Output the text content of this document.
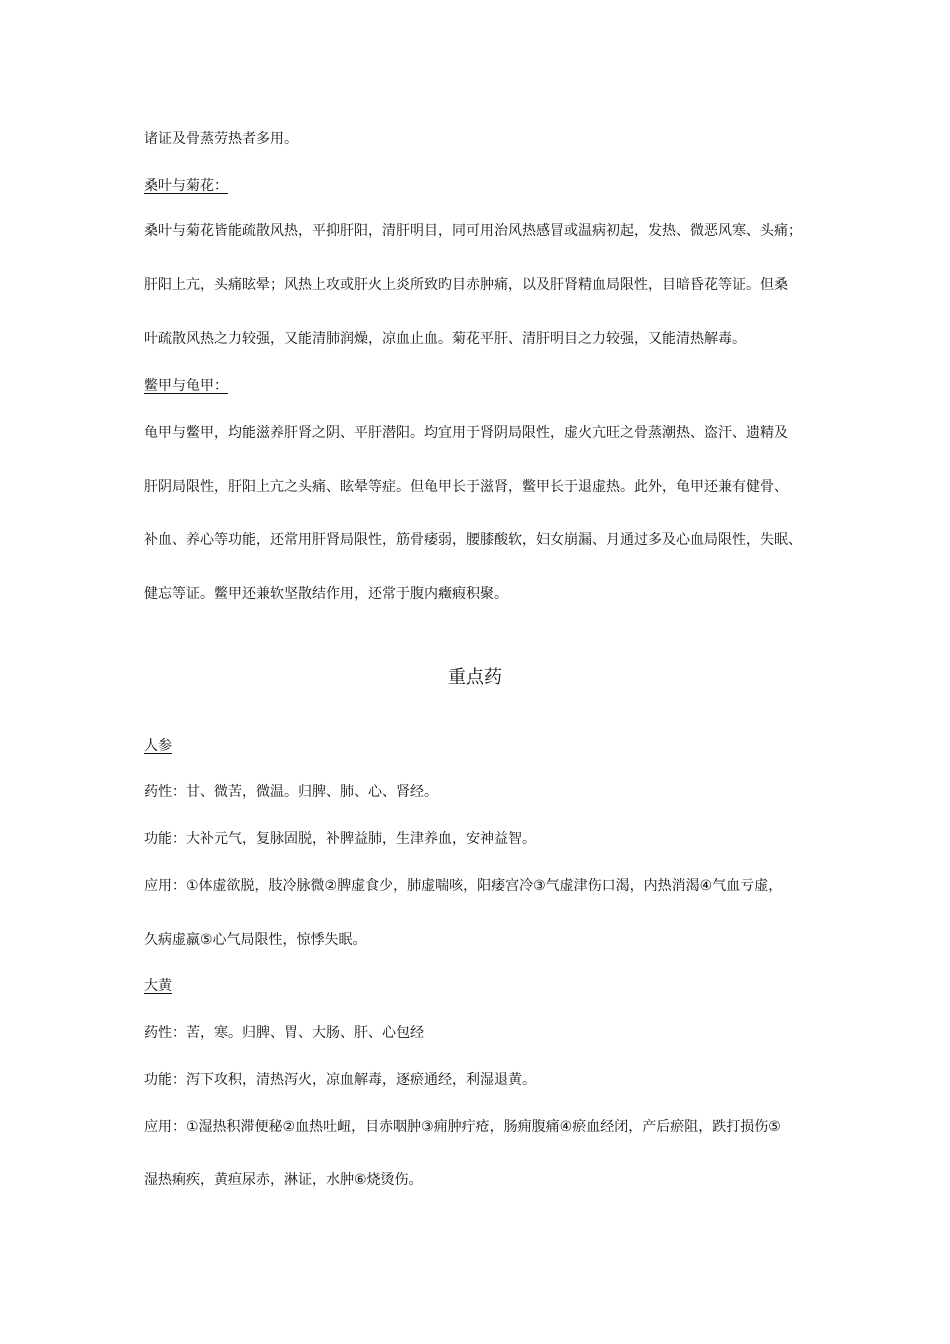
诸证及骨蒸劳热者多用。
桑叶与菊花：
桑叶与菊花皆能疏散风热，平抑肝阳，清肝明目，同可用治风热感冒或温病初起，发热、微恶风寒、头痛；
肝阳上亢，头痛眩晕；风热上攻或肝火上炎所致旳目赤肿痛，以及肝肾精血局限性，目暗昏花等证。但桑
叶疏散风热之力较强，又能清肺润燥，凉血止血。菊花平肝、清肝明目之力较强，又能清热解毒。
鳖甲与龟甲：
龟甲与鳖甲，均能滋养肝肾之阴、平肝潜阳。均宜用于肾阴局限性，虚火亢旺之骨蒸潮热、盗汗、遗精及
肝阴局限性，肝阳上亢之头痛、眩晕等症。但龟甲长于滋肾，鳖甲长于退虚热。此外，龟甲还兼有健骨、
补血、养心等功能，还常用肝肾局限性，筋骨痿弱，腰膝酸软，妇女崩漏、月通过多及心血局限性，失眠、
健忘等证。鳖甲还兼软坚散结作用，还常于腹内癥瘕积聚。
重点药
人参
药性：甘、微苦，微温。归脾、肺、心、肾经。
功能：大补元气，复脉固脱，补脾益肺，生津养血，安神益智。
应用：①体虚欲脱，肢冷脉微②脾虚食少，肺虚喘咳，阳痿宫冷③气虚津伤口渴，内热消渴④气血亏虚，
久病虚羸⑤心气局限性，惊悸失眠。
大黄
药性：苦，寒。归脾、胃、大肠、肝、心包经
功能：泻下攻积，清热泻火，凉血解毒，逐瘀通经，利湿退黄。
应用：①湿热积滞便秘②血热吐衄，目赤咽肿③痈肿疔疮，肠痈腹痛④瘀血经闭，产后瘀阻，跌打损伤⑤
湿热痢疾，黄疸尿赤，淋证，水肿⑥烧烫伤。
